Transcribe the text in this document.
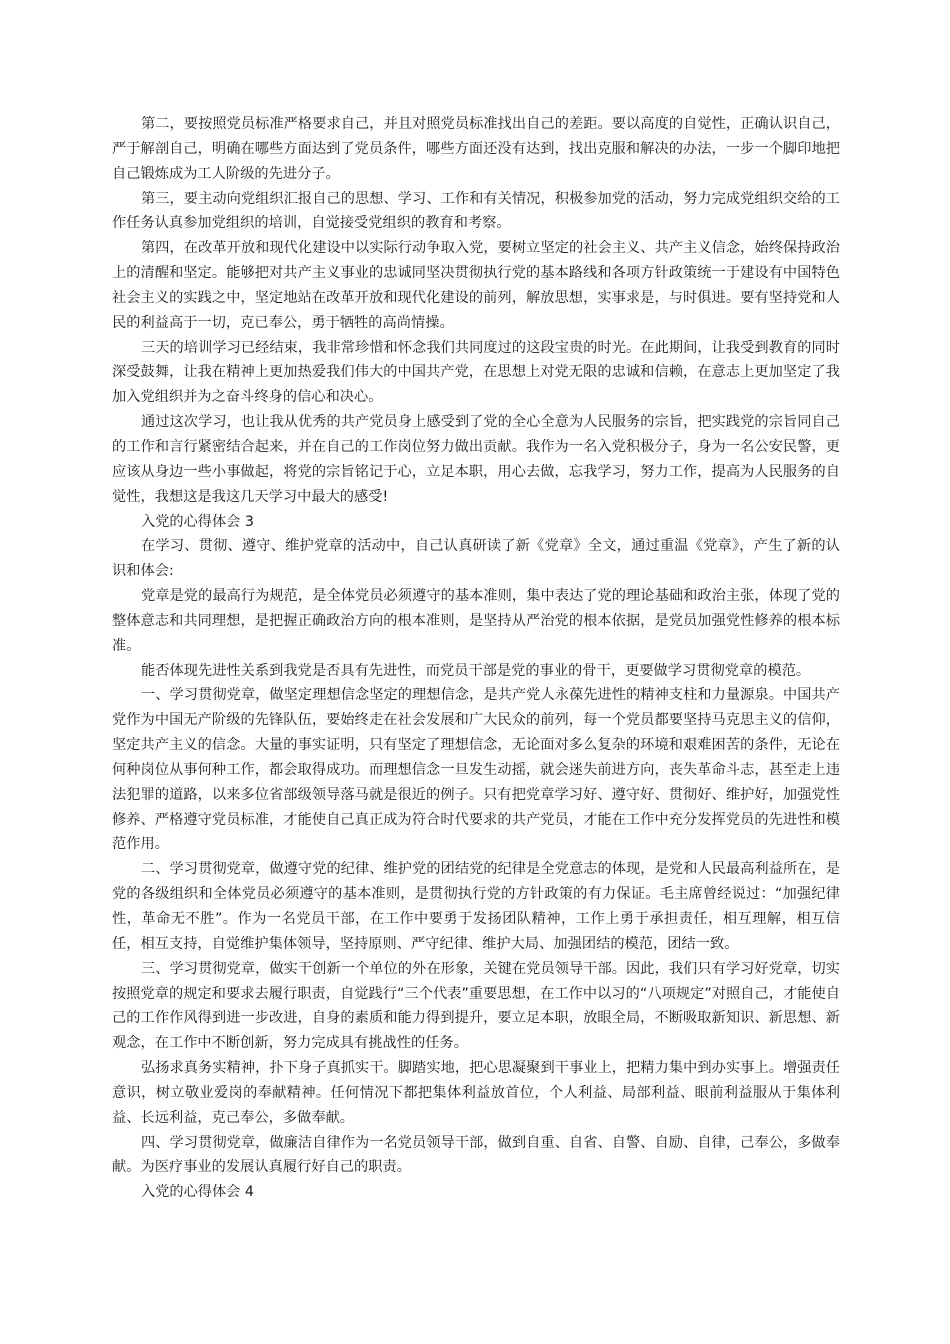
第二，要按照党员标准严格要求自己，并且对照党员标准找出自己的差距。要以高度的自觉性，正确认识自己，严于解剖自己，明确在哪些方面达到了党员条件，哪些方面还没有达到，找出克服和解决的办法，一步一个脚印地把自己锻炼成为工人阶级的先进分子。

第三，要主动向党组织汇报自己的思想、学习、工作和有关情况，积极参加党的活动，努力完成党组织交给的工作任务认真参加党组织的培训，自觉接受党组织的教育和考察。

第四，在改革开放和现代化建设中以实际行动争取入党，要树立坚定的社会主义、共产主义信念，始终保持政治上的清醒和坚定。能够把对共产主义事业的忠诚同坚决贯彻执行党的基本路线和各项方针政策统一于建设有中国特色社会主义的实践之中，坚定地站在改革开放和现代化建设的前列，解放思想，实事求是，与时俱进。要有坚持党和人民的利益高于一切，克已奉公，勇于牺牲的高尚情操。

三天的培训学习已经结束，我非常珍惜和怀念我们共同度过的这段宝贵的时光。在此期间，让我受到教育的同时深受鼓舞，让我在精神上更加热爱我们伟大的中国共产党，在思想上对党无限的忠诚和信赖，在意志上更加坚定了我加入党组织并为之奋斗终身的信心和决心。

通过这次学习，也让我从优秀的共产党员身上感受到了党的全心全意为人民服务的宗旨，把实践党的宗旨同自己的工作和言行紧密结合起来，并在自己的工作岗位努力做出贡献。我作为一名入党积极分子，身为一名公安民警，更应该从身边一些小事做起，将党的宗旨铭记于心，立足本职，用心去做，忘我学习，努力工作，提高为人民服务的自觉性，我想这是我这几天学习中最大的感受!

入党的心得体会 3

在学习、贯彻、遵守、维护党章的活动中，自己认真研读了新《党章》全文，通过重温《党章》，产生了新的认识和体会:

党章是党的最高行为规范，是全体党员必须遵守的基本准则，集中表达了党的理论基础和政治主张，体现了党的整体意志和共同理想，是把握正确政治方向的根本准则，是坚持从严治党的根本依据，是党员加强党性修养的根本标准。

能否体现先进性关系到我党是否具有先进性，而党员干部是党的事业的骨干，更要做学习贯彻党章的模范。

一、学习贯彻党章，做坚定理想信念坚定的理想信念，是共产党人永葆先进性的精神支柱和力量源泉。中国共产党作为中国无产阶级的先锋队伍，要始终走在社会发展和广大民众的前列，每一个党员都要坚持马克思主义的信仰，坚定共产主义的信念。大量的事实证明，只有坚定了理想信念，无论面对多么复杂的环境和艰难困苦的条件，无论在何种岗位从事何种工作，都会取得成功。而理想信念一旦发生动摇，就会迷失前进方向，丧失革命斗志，甚至走上违法犯罪的道路，以来多位省部级领导落马就是很近的例子。只有把党章学习好、遵守好、贯彻好、维护好，加强党性修养、严格遵守党员标准，才能使自己真正成为符合时代要求的共产党员，才能在工作中充分发挥党员的先进性和模范作用。

二、学习贯彻党章，做遵守党的纪律、维护党的团结党的纪律是全党意志的体现，是党和人民最高利益所在，是党的各级组织和全体党员必须遵守的基本准则，是贯彻执行党的方针政策的有力保证。毛主席曾经说过：“加强纪律性，革命无不胜”。作为一名党员干部，在工作中要勇于发扬团队精神，工作上勇于承担责任，相互理解，相互信任，相互支持，自觉维护集体领导，坚持原则、严守纪律、维护大局、加强团结的模范，团结一致。

三、学习贯彻党章，做实干创新一个单位的外在形象，关键在党员领导干部。因此，我们只有学习好党章，切实按照党章的规定和要求去履行职责，自觉践行“三个代表”重要思想，在工作中以习的“八项规定”对照自己，才能使自己的工作作风得到进一步改进，自身的素质和能力得到提升，要立足本职，放眼全局，不断吸取新知识、新思想、新观念，在工作中不断创新，努力完成具有挑战性的任务。

弘扬求真务实精神，扑下身子真抓实干。脚踏实地，把心思凝聚到干事业上，把精力集中到办实事上。增强责任意识，树立敬业爱岗的奉献精神。任何情况下都把集体利益放首位，个人利益、局部利益、眼前利益服从于集体利益、长远利益，克己奉公，多做奉献。

四、学习贯彻党章，做廉洁自律作为一名党员领导干部，做到自重、自省、自警、自励、自律，己奉公，多做奉献。为医疗事业的发展认真履行好自己的职责。

入党的心得体会 4
